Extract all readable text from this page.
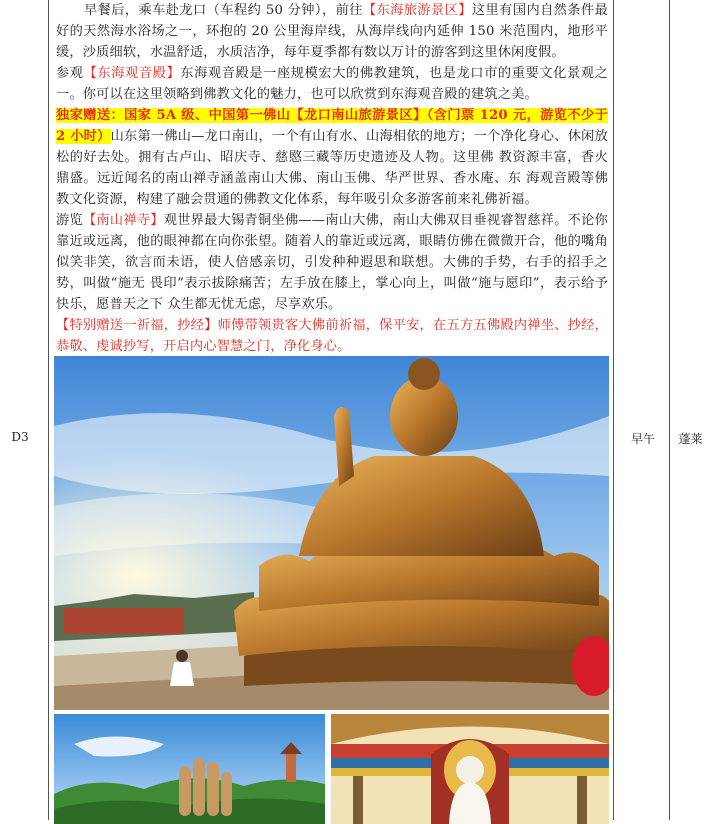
D3	早午	蓬莱

早餐后，乘车赴龙口（车程约 50 分钟），前往【东海旅游景区】这里有国内自然条件最好的天然海水浴场之一，环抱的 20 公里海岸线，从海岸线向内延伸 150 米范围内，地形平缓，沙质细软，水温舒适，水质洁净，每年夏季都有数以万计的游客到这里休闲度假。

参观【东海观音殿】东海观音殿是一座规模宏大的佛教建筑，也是龙口市的重要文化景观之一。你可以在这里领略到佛教文化的魅力，也可以欣赏到东海观音殿的建筑之美。

独家赠送：国家 5A 级、中国第一佛山【龙口南山旅游景区】（含门票 120 元，游览不少于 2 小时）山东第一佛山—龙口南山，一个有山有水、山海相依的地方；一个净化身心、休闲放松的好去处。拥有古卢山、昭庆寺、慈愍三藏等历史遗迹及人物。这里佛 教资源丰富，香火鼎盛。远近闻名的南山禅寺涵盖南山大佛、南山玉佛、华严世界、香水庵、东 海观音殿等佛教文化资源，构建了融会贯通的佛教文化体系，每年吸引众多游客前来礼佛祈福。

游览【南山禅寺】观世界最大锡青铜坐佛——南山大佛，南山大佛双目垂视睿智慈祥。不论你靠近或远离，他的眼神都在向你张望。随着人的靠近或远离，眼睛仿佛在微微开合，他的嘴角似笑非笑，欲言而未语，使人倍感亲切，引发种种遐思和联想。大佛的手势，右手的招手之势，叫做“施无 畏印”表示拔除痛苦；左手放在膝上，掌心向上，叫做“施与愿印”，表示给予快乐，愿普天之下 众生都无忧无虑，尽享欢乐。

【特别赠送一祈福，抄经】师傅带领贵客大佛前祈福，保平安，在五方五佛殿内禅坐、抄经，恭敬、虔诚抄写，开启内心智慧之门，净化身心。
